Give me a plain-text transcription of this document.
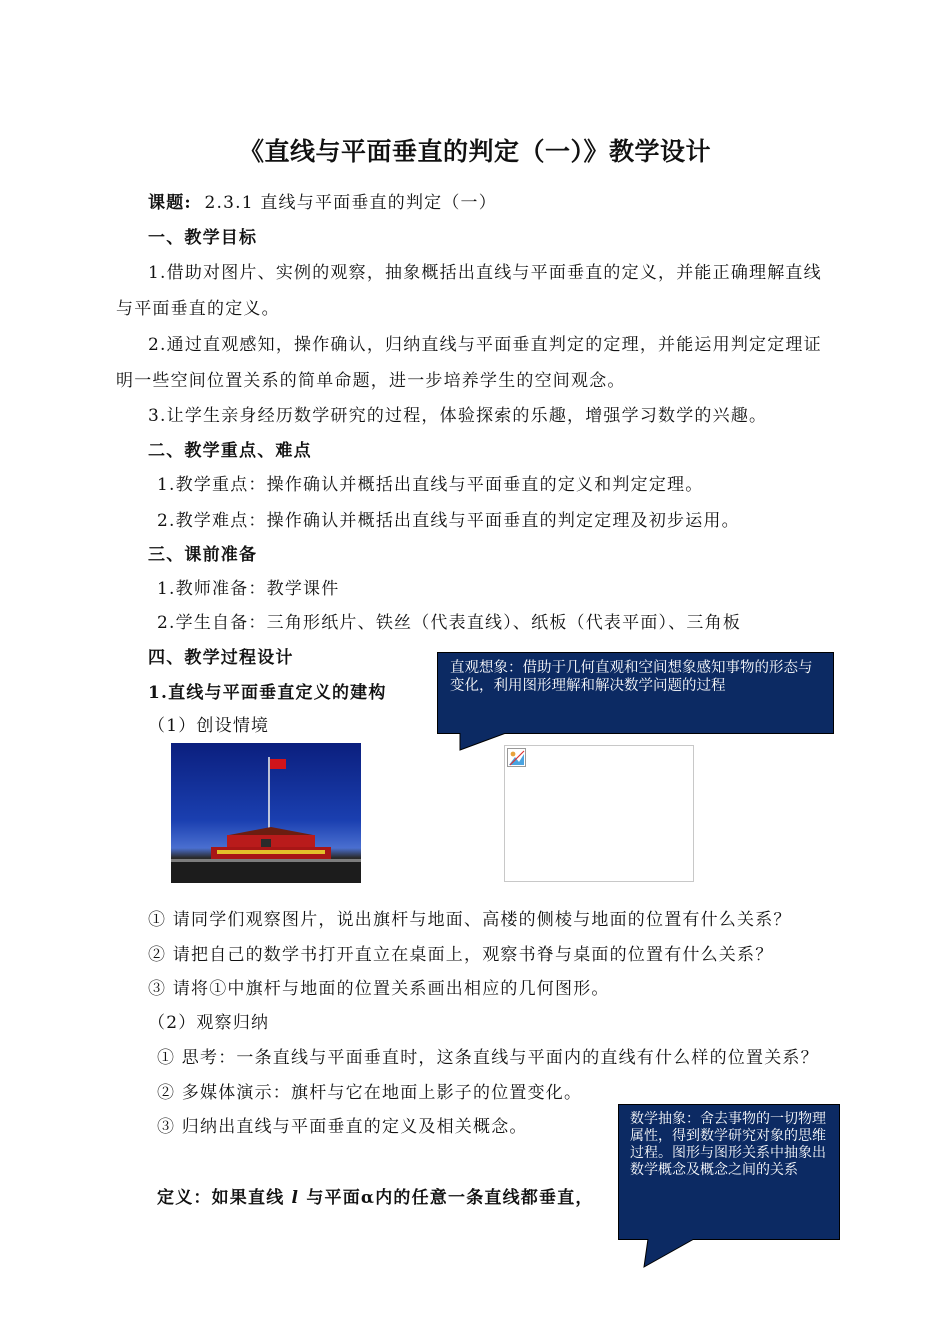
《直线与平面垂直的判定（一）》教学设计
课题: 2.3.1 直线与平面垂直的判定（一）
一、教学目标
1.借助对图片、实例的观察，抽象概括出直线与平面垂直的定义，并能正确理解直线
与平面垂直的定义。
2.通过直观感知，操作确认，归纳直线与平面垂直判定的定理，并能运用判定定理证
明一些空间位置关系的简单命题，进一步培养学生的空间观念。
3.让学生亲身经历数学研究的过程，体验探索的乐趣，增强学习数学的兴趣。
二、教学重点、难点
1.教学重点：操作确认并概括出直线与平面垂直的定义和判定定理。
2.教学难点：操作确认并概括出直线与平面垂直的判定定理及初步运用。
三、课前准备
1.教师准备：教学课件
2.学生自备：三角形纸片、铁丝（代表直线）、纸板（代表平面）、三角板
四、教学过程设计
1.直线与平面垂直定义的建构
（1）创设情境
直观想象：借助于几何直观和空间想象感知事物的形态与变化，利用图形理解和解决数学问题的过程
① 请同学们观察图片，说出旗杆与地面、高楼的侧棱与地面的位置有什么关系？
② 请把自己的数学书打开直立在桌面上，观察书脊与桌面的位置有什么关系？
③ 请将①中旗杆与地面的位置关系画出相应的几何图形。
（2）观察归纳
① 思考：一条直线与平面垂直时，这条直线与平面内的直线有什么样的位置关系？
② 多媒体演示：旗杆与它在地面上影子的位置变化。
③ 归纳出直线与平面垂直的定义及相关概念。
定义：如果直线 l 与平面α内的任意一条直线都垂直，
数学抽象：舍去事物的一切物理属性，得到数学研究对象的思维过程。图形与图形关系中抽象出数学概念及概念之间的关系
